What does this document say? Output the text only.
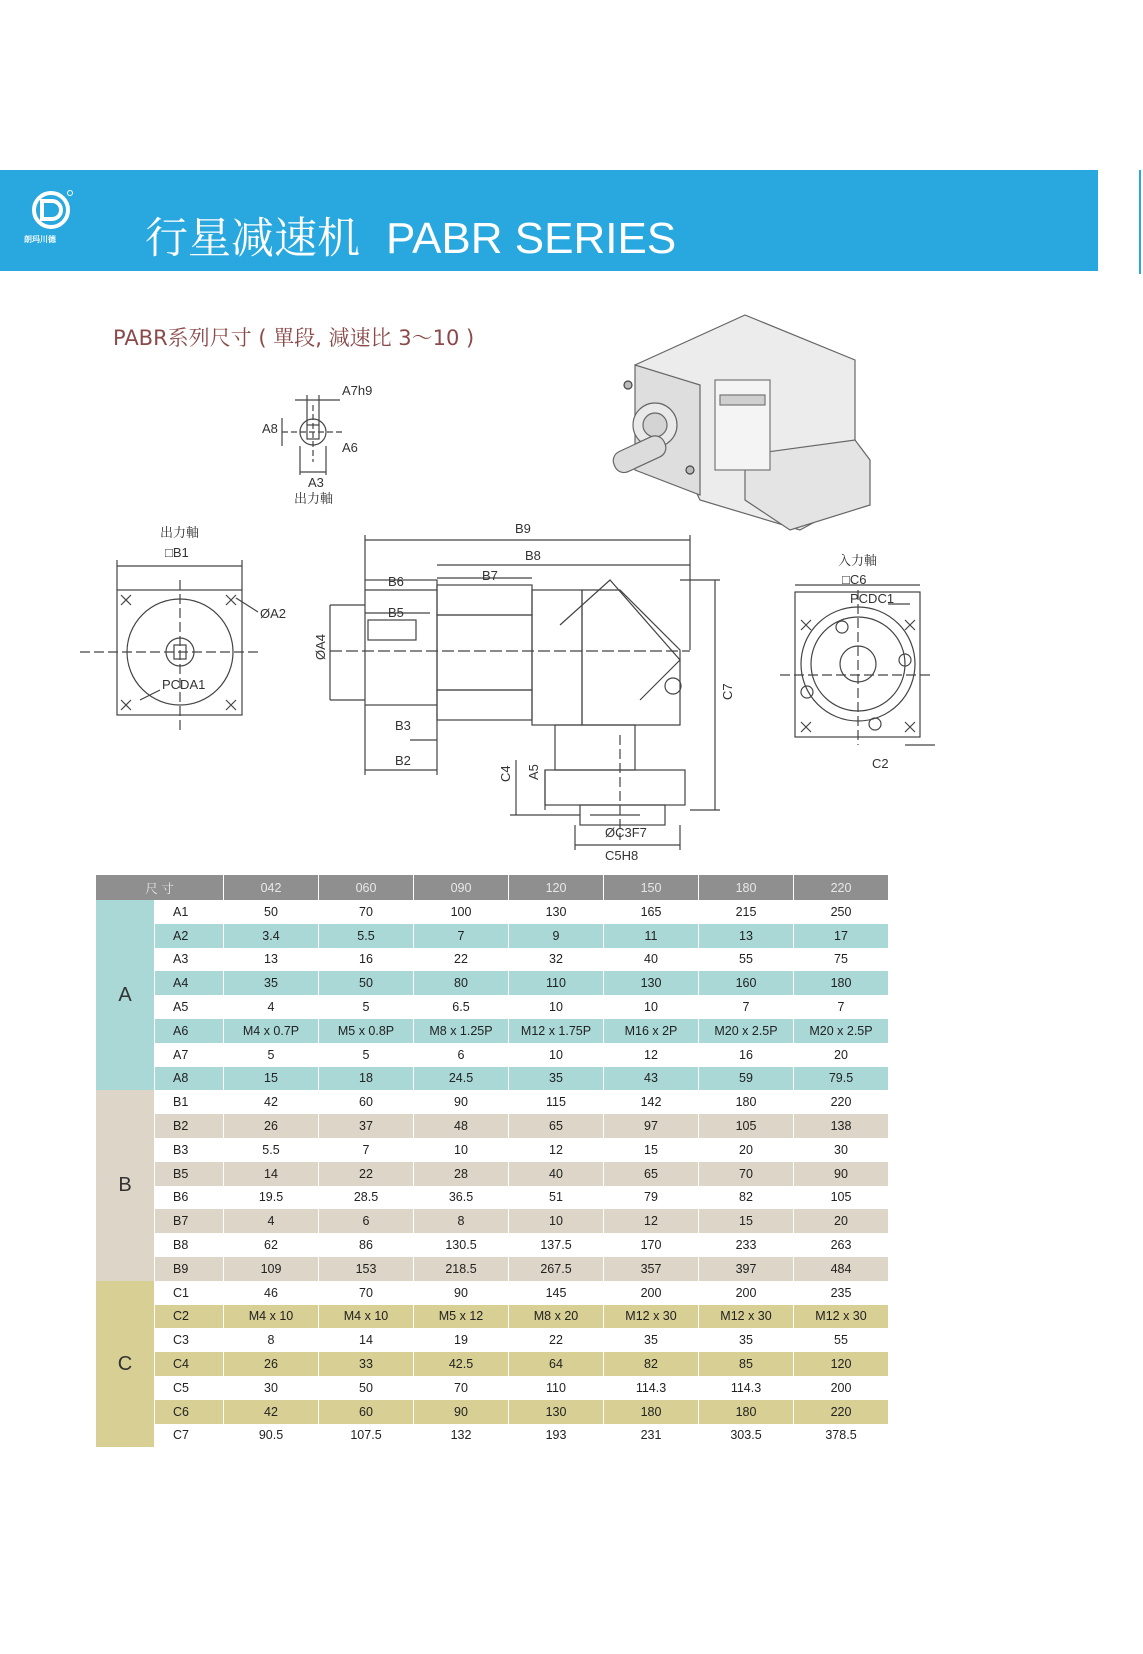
朗玛川德 行星减速机 PABR SERIES
PABR系列尺寸 ( 單段, 減速比 3～10 )
A7h9
A8
A6
A3
出力軸
出力軸
□B1
ØA2
PCDA1
B9
B8
B6	B7
B5
ØA4
B3
B2
C4 A5
ØC3F7
C5H8
C7
入力軸
□C6
PCDC1
C2
尺 寸		042	060	090	120	150	180	220
A	A1	50	70	100	130	165	215	250
	A2	3.4	5.5	7	9	11	13	17
	A3	13	16	22	32	40	55	75
	A4	35	50	80	110	130	160	180
	A5	4	5	6.5	10	10	7	7
	A6	M4 x 0.7P	M5 x 0.8P	M8 x 1.25P	M12 x 1.75P	M16 x 2P	M20 x 2.5P	M20 x 2.5P
	A7	5	5	6	10	12	16	20
	A8	15	18	24.5	35	43	59	79.5
B	B1	42	60	90	115	142	180	220
	B2	26	37	48	65	97	105	138
	B3	5.5	7	10	12	15	20	30
	B5	14	22	28	40	65	70	90
	B6	19.5	28.5	36.5	51	79	82	105
	B7	4	6	8	10	12	15	20
	B8	62	86	130.5	137.5	170	233	263
	B9	109	153	218.5	267.5	357	397	484
C	C1	46	70	90	145	200	200	235
	C2	M4 x 10	M4 x 10	M5 x 12	M8 x 20	M12 x 30	M12 x 30	M12 x 30
	C3	8	14	19	22	35	35	55
	C4	26	33	42.5	64	82	85	120
	C5	30	50	70	110	114.3	114.3	200
	C6	42	60	90	130	180	180	220
	C7	90.5	107.5	132	193	231	303.5	378.5
